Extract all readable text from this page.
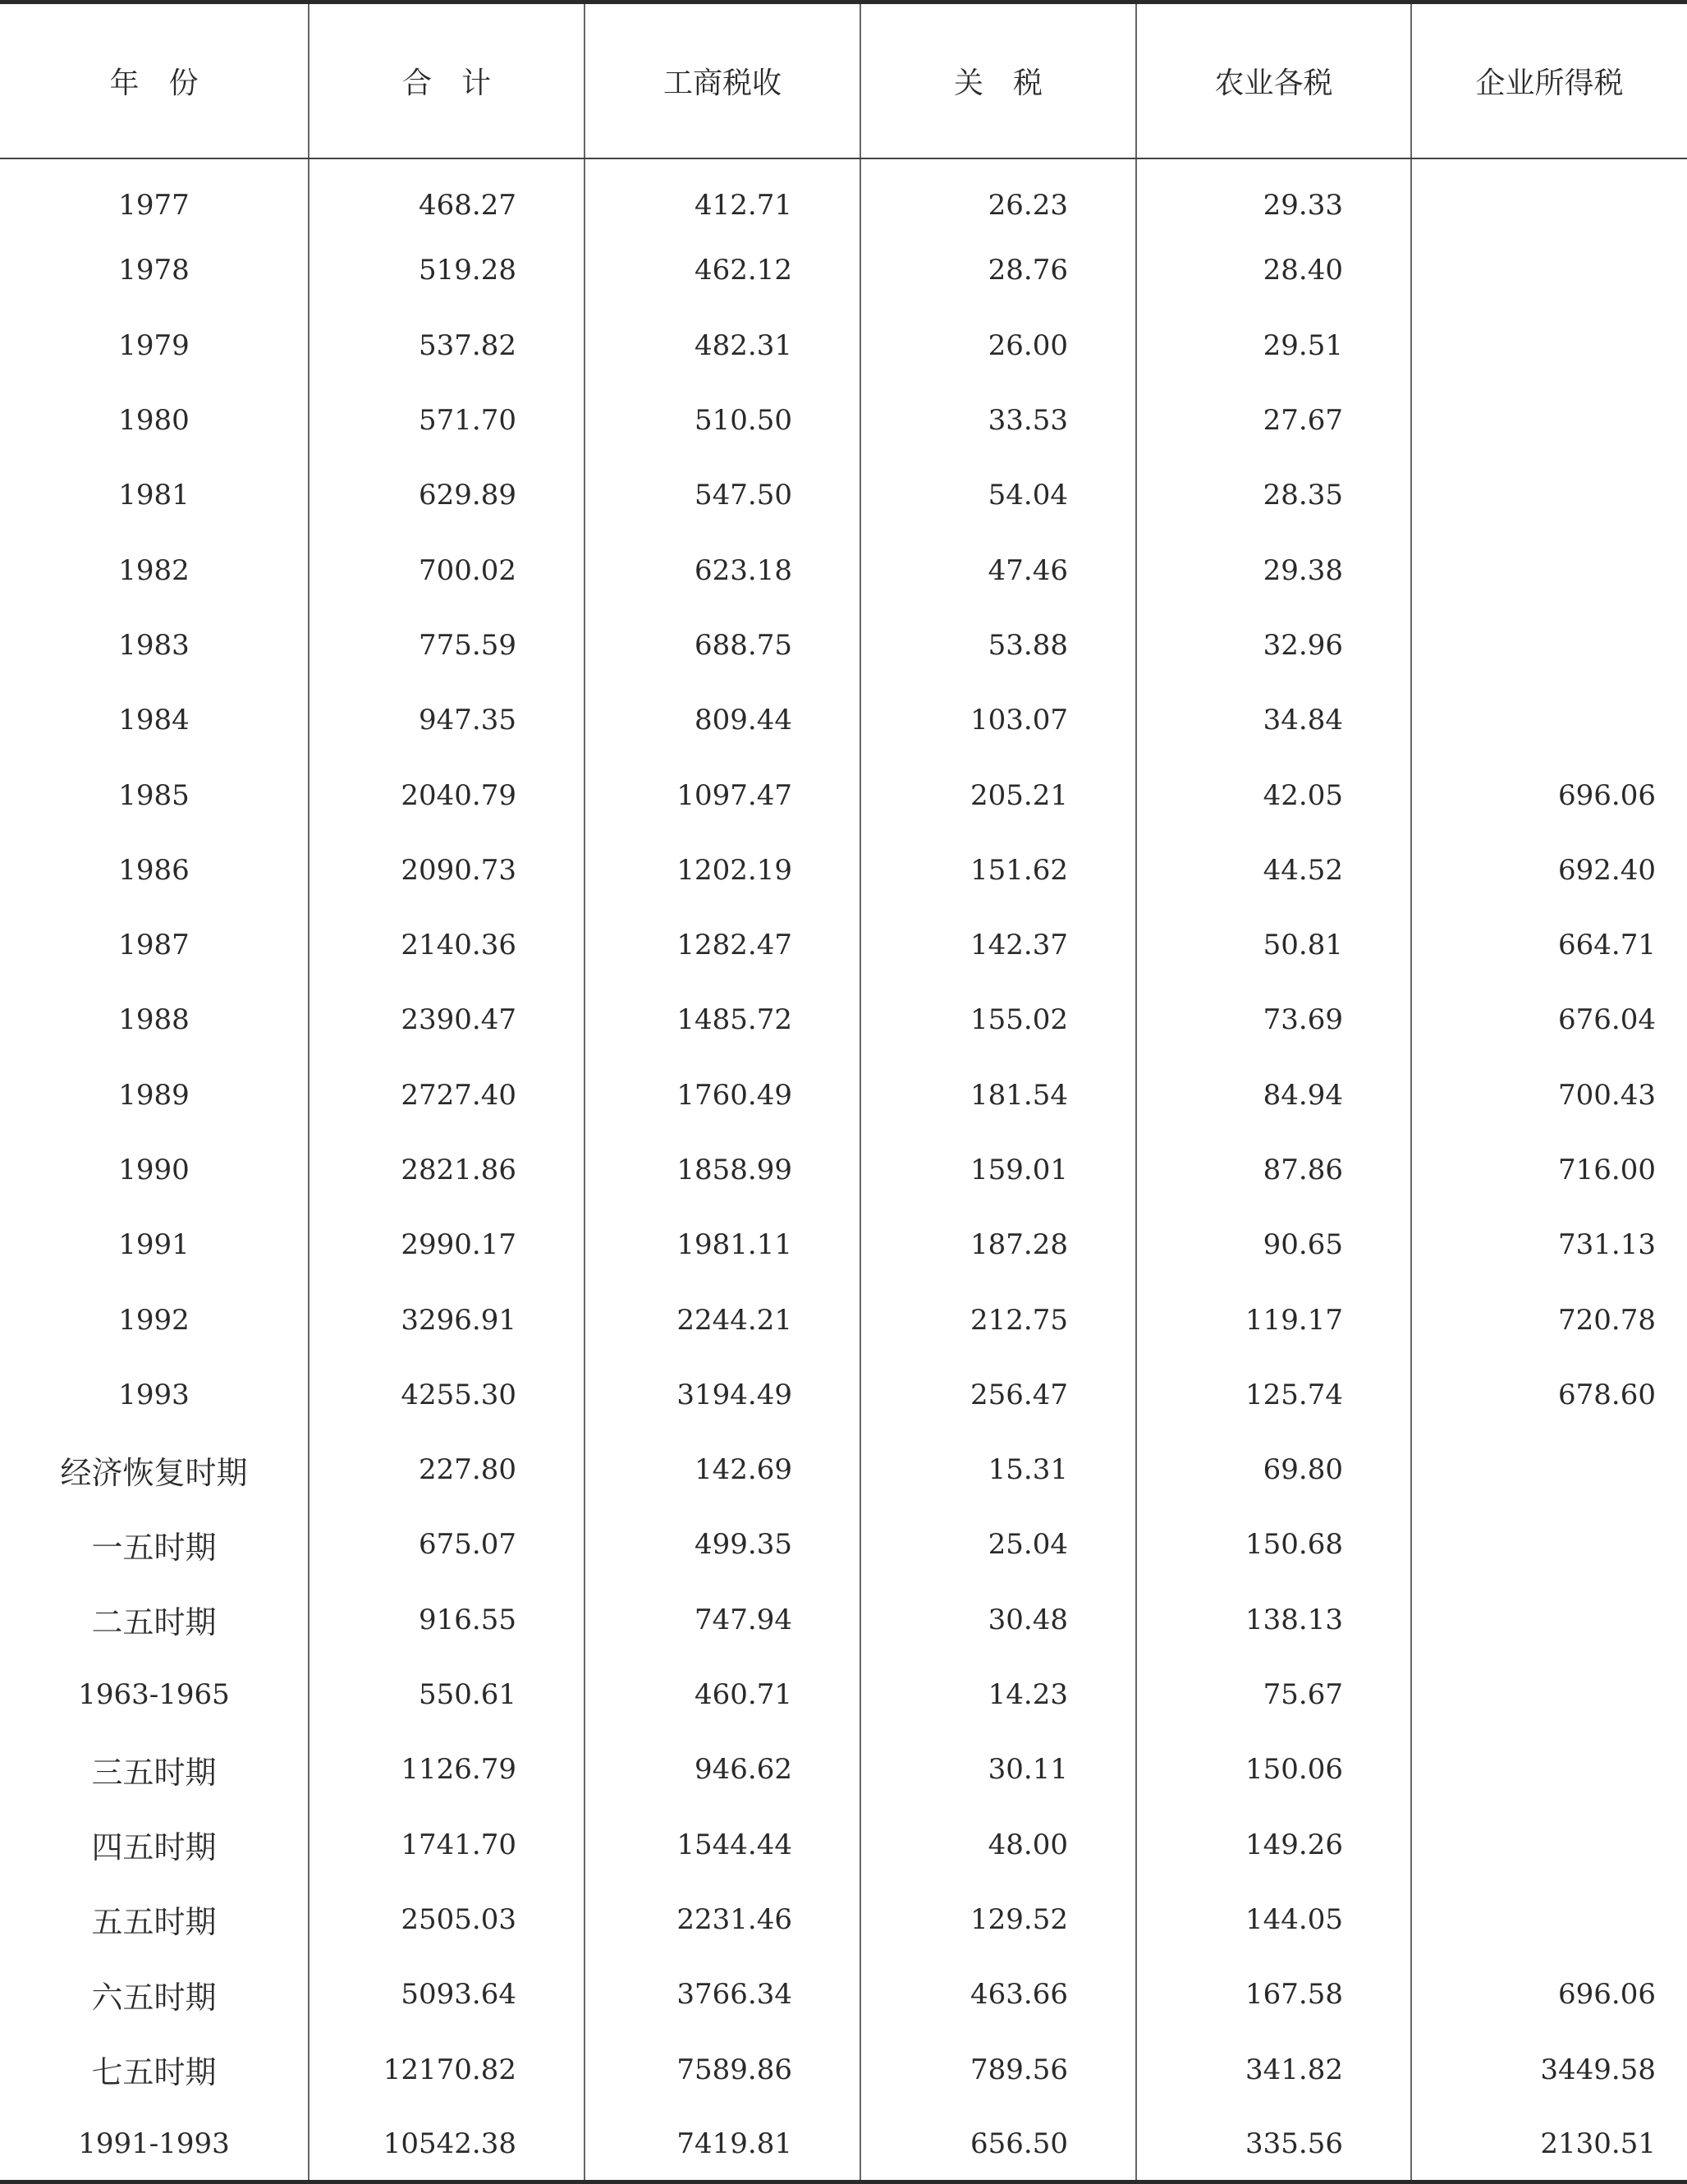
年　份	合　计	工商税收	关　税	农业各税	企业所得税
1977	468.27	412.71	26.23	29.33	
1978	519.28	462.12	28.76	28.40	
1979	537.82	482.31	26.00	29.51	
1980	571.70	510.50	33.53	27.67	
1981	629.89	547.50	54.04	28.35	
1982	700.02	623.18	47.46	29.38	
1983	775.59	688.75	53.88	32.96	
1984	947.35	809.44	103.07	34.84	
1985	2040.79	1097.47	205.21	42.05	696.06
1986	2090.73	1202.19	151.62	44.52	692.40
1987	2140.36	1282.47	142.37	50.81	664.71
1988	2390.47	1485.72	155.02	73.69	676.04
1989	2727.40	1760.49	181.54	84.94	700.43
1990	2821.86	1858.99	159.01	87.86	716.00
1991	2990.17	1981.11	187.28	90.65	731.13
1992	3296.91	2244.21	212.75	119.17	720.78
1993	4255.30	3194.49	256.47	125.74	678.60
经济恢复时期	227.80	142.69	15.31	69.80	
一五时期	675.07	499.35	25.04	150.68	
二五时期	916.55	747.94	30.48	138.13	
1963-1965	550.61	460.71	14.23	75.67	
三五时期	1126.79	946.62	30.11	150.06	
四五时期	1741.70	1544.44	48.00	149.26	
五五时期	2505.03	2231.46	129.52	144.05	
六五时期	5093.64	3766.34	463.66	167.58	696.06
七五时期	12170.82	7589.86	789.56	341.82	3449.58
1991-1993	10542.38	7419.81	656.50	335.56	2130.51
